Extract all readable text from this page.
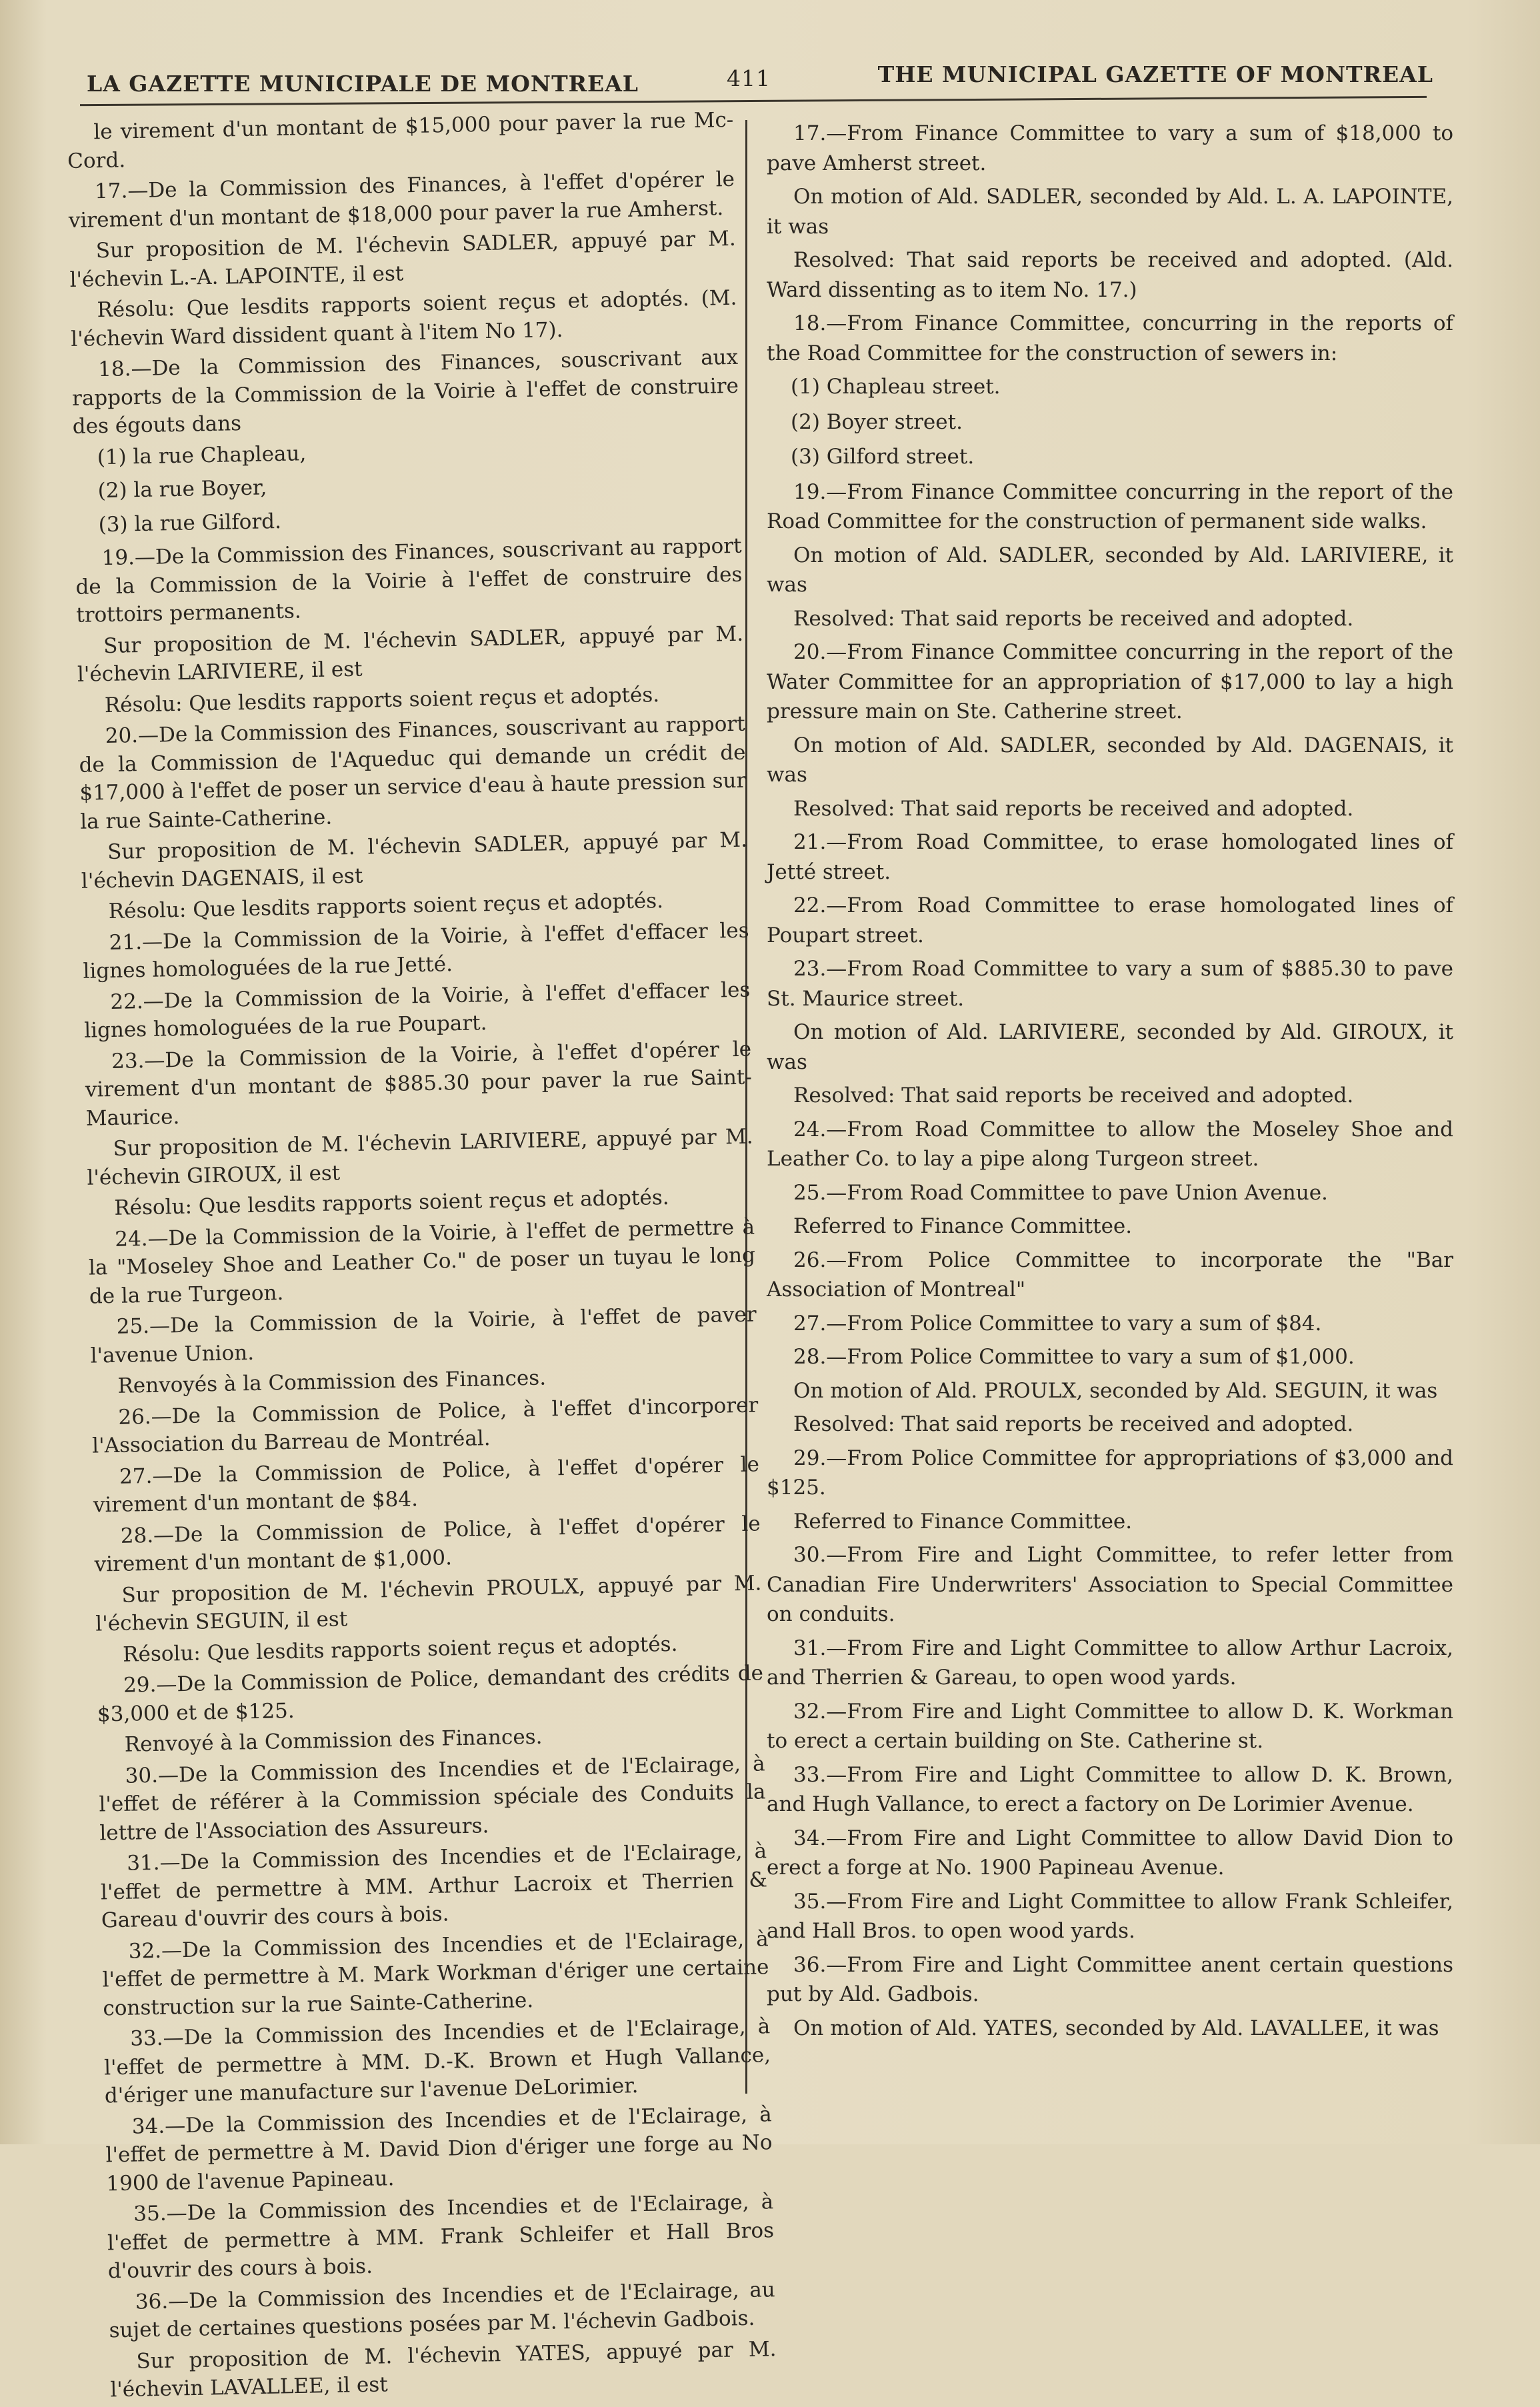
LA GAZETTE MUNICIPALE DE MONTREAL	411	THE MUNICIPAL GAZETTE OF MONTREAL

le virement d'un montant de $15,000 pour paver la rue Mc-Cord.

17.—De la Commission des Finances, à l'effet d'opérer le virement d'un montant de $18,000 pour paver la rue Amherst.

Sur proposition de M. l'échevin SADLER, appuyé par M. l'échevin L.-A. LAPOINTE, il est

Résolu: Que lesdits rapports soient reçus et adoptés. (M. l'échevin Ward dissident quant à l'item No 17).

18.—De la Commission des Finances, souscrivant aux rapports de la Commission de la Voirie à l'effet de construire des égouts dans

(1) la rue Chapleau,

(2) la rue Boyer,

(3) la rue Gilford.

19.—De la Commission des Finances, souscrivant au rapport de la Commission de la Voirie à l'effet de construire des trottoirs permanents.

Sur proposition de M. l'échevin SADLER, appuyé par M. l'échevin LARIVIERE, il est

Résolu: Que lesdits rapports soient reçus et adoptés.

20.—De la Commission des Finances, souscrivant au rapport de la Commission de l'Aqueduc qui demande un crédit de $17,000 à l'effet de poser un service d'eau à haute pression sur la rue Sainte-Catherine.

Sur proposition de M. l'échevin SADLER, appuyé par M. l'échevin DAGENAIS, il est

Résolu: Que lesdits rapports soient reçus et adoptés.

21.—De la Commission de la Voirie, à l'effet d'effacer les lignes homologuées de la rue Jetté.

22.—De la Commission de la Voirie, à l'effet d'effacer les lignes homologuées de la rue Poupart.

23.—De la Commission de la Voirie, à l'effet d'opérer le virement d'un montant de $885.30 pour paver la rue Saint-Maurice.

Sur proposition de M. l'échevin LARIVIERE, appuyé par M. l'échevin GIROUX, il est

Résolu: Que lesdits rapports soient reçus et adoptés.

24.—De la Commission de la Voirie, à l'effet de permettre à la "Moseley Shoe and Leather Co." de poser un tuyau le long de la rue Turgeon.

25.—De la Commission de la Voirie, à l'effet de paver l'avenue Union.

Renvoyés à la Commission des Finances.

26.—De la Commission de Police, à l'effet d'incorporer l'Association du Barreau de Montréal.

27.—De la Commission de Police, à l'effet d'opérer le virement d'un montant de $84.

28.—De la Commission de Police, à l'effet d'opérer le virement d'un montant de $1,000.

Sur proposition de M. l'échevin PROULX, appuyé par M. l'échevin SEGUIN, il est

Résolu: Que lesdits rapports soient reçus et adoptés.

29.—De la Commission de Police, demandant des crédits de $3,000 et de $125.

Renvoyé à la Commission des Finances.

30.—De la Commission des Incendies et de l'Eclairage, à l'effet de référer à la Commission spéciale des Conduits la lettre de l'Association des Assureurs.

31.—De la Commission des Incendies et de l'Eclairage, à l'effet de permettre à MM. Arthur Lacroix et Therrien & Gareau d'ouvrir des cours à bois.

32.—De la Commission des Incendies et de l'Eclairage, à l'effet de permettre à M. Mark Workman d'ériger une certaine construction sur la rue Sainte-Catherine.

33.—De la Commission des Incendies et de l'Eclairage, à l'effet de permettre à MM. D.-K. Brown et Hugh Vallance, d'ériger une manufacture sur l'avenue DeLorimier.

34.—De la Commission des Incendies et de l'Eclairage, à l'effet de permettre à M. David Dion d'ériger une forge au No 1900 de l'avenue Papineau.

35.—De la Commission des Incendies et de l'Eclairage, à l'effet de permettre à MM. Frank Schleifer et Hall Bros d'ouvrir des cours à bois.

36.—De la Commission des Incendies et de l'Eclairage, au sujet de certaines questions posées par M. l'échevin Gadbois.

Sur proposition de M. l'échevin YATES, appuyé par M. l'échevin LAVALLEE, il est

17.—From Finance Committee to vary a sum of $18,000 to pave Amherst street.

On motion of Ald. SADLER, seconded by Ald. L. A. LAPOINTE, it was

Resolved: That said reports be received and adopted. (Ald. Ward dissenting as to item No. 17.)

18.—From Finance Committee, concurring in the reports of the Road Committee for the construction of sewers in:

(1) Chapleau street.

(2) Boyer street.

(3) Gilford street.

19.—From Finance Committee concurring in the report of the Road Committee for the construction of permanent side walks.

On motion of Ald. SADLER, seconded by Ald. LARIVIERE, it was

Resolved: That said reports be received and adopted.

20.—From Finance Committee concurring in the report of the Water Committee for an appropriation of $17,000 to lay a high pressure main on Ste. Catherine street.

On motion of Ald. SADLER, seconded by Ald. DAGENAIS, it was

Resolved: That said reports be received and adopted.

21.—From Road Committee, to erase homologated lines of Jetté street.

22.—From Road Committee to erase homologated lines of Poupart street.

23.—From Road Committee to vary a sum of $885.30 to pave St. Maurice street.

On motion of Ald. LARIVIERE, seconded by Ald. GIROUX, it was

Resolved: That said reports be received and adopted.

24.—From Road Committee to allow the Moseley Shoe and Leather Co. to lay a pipe along Turgeon street.

25.—From Road Committee to pave Union Avenue.

Referred to Finance Committee.

26.—From Police Committee to incorporate the "Bar Association of Montreal"

27.—From Police Committee to vary a sum of $84.

28.—From Police Committee to vary a sum of $1,000.

On motion of Ald. PROULX, seconded by Ald. SEGUIN, it was

Resolved: That said reports be received and adopted.

29.—From Police Committee for appropriations of $3,000 and $125.

Referred to Finance Committee.

30.—From Fire and Light Committee, to refer letter from Canadian Fire Underwriters' Association to Special Committee on conduits.

31.—From Fire and Light Committee to allow Arthur Lacroix, and Therrien & Gareau, to open wood yards.

32.—From Fire and Light Committee to allow D. K. Workman to erect a certain building on Ste. Catherine st.

33.—From Fire and Light Committee to allow D. K. Brown, and Hugh Vallance, to erect a factory on De Lorimier Avenue.

34.—From Fire and Light Committee to allow David Dion to erect a forge at No. 1900 Papineau Avenue.

35.—From Fire and Light Committee to allow Frank Schleifer, and Hall Bros. to open wood yards.

36.—From Fire and Light Committee anent certain questions put by Ald. Gadbois.

On motion of Ald. YATES, seconded by Ald. LAVALLEE, it was
